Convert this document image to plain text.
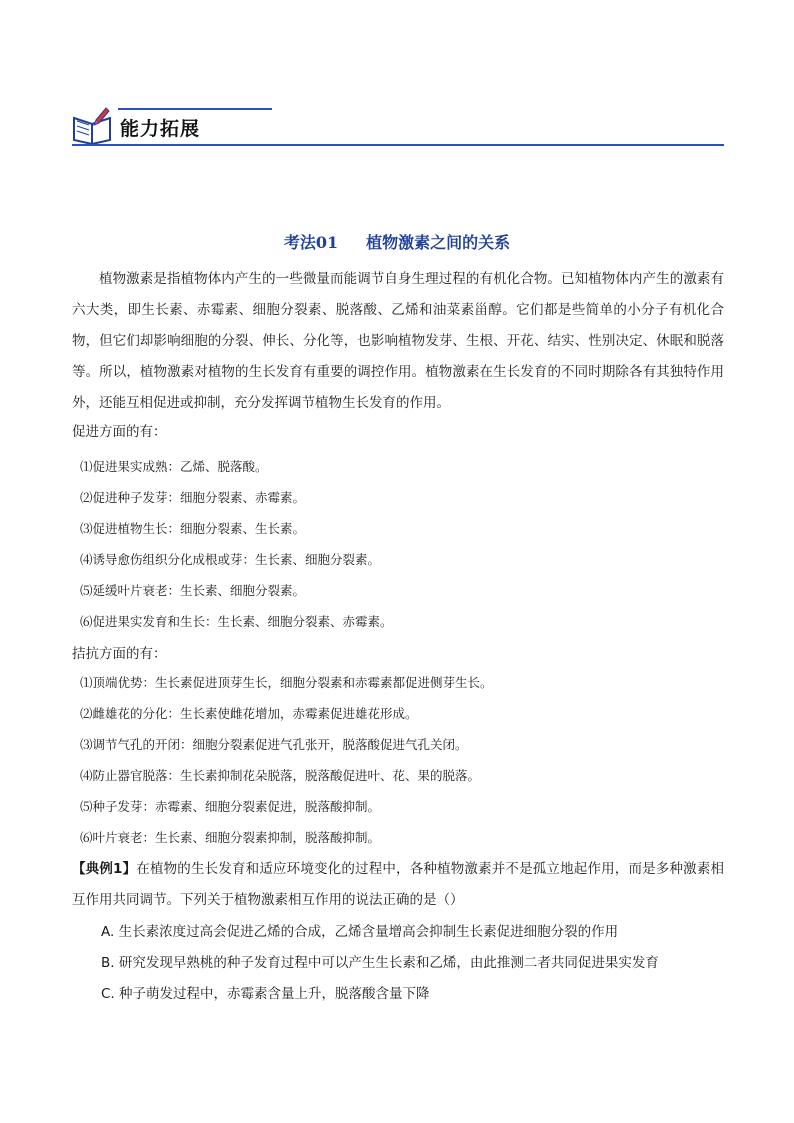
能力拓展
考法01 植物激素之间的关系
植物激素是指植物体内产生的一些微量而能调节自身生理过程的有机化合物。已知植物体内产生的激素有六大类，即生长素、赤霉素、细胞分裂素、脱落酸、乙烯和油菜素甾醇。它们都是些简单的小分子有机化合物，但它们却影响细胞的分裂、伸长、分化等，也影响植物发芽、生根、开花、结实、性别决定、休眠和脱落等。所以，植物激素对植物的生长发育有重要的调控作用。植物激素在生长发育的不同时期除各有其独特作用外，还能互相促进或抑制，充分发挥调节植物生长发育的作用。
促进方面的有：
⑴促进果实成熟：乙烯、脱落酸。
⑵促进种子发芽：细胞分裂素、赤霉素。
⑶促进植物生长：细胞分裂素、生长素。
⑷诱导愈伤组织分化成根或芽：生长素、细胞分裂素。
⑸延缓叶片衰老：生长素、细胞分裂素。
⑹促进果实发育和生长：生长素、细胞分裂素、赤霉素。
拮抗方面的有：
⑴顶端优势：生长素促进顶芽生长，细胞分裂素和赤霉素都促进侧芽生长。
⑵雌雄花的分化：生长素使雌花增加，赤霉素促进雄花形成。
⑶调节气孔的开闭：细胞分裂素促进气孔张开，脱落酸促进气孔关闭。
⑷防止器官脱落：生长素抑制花朵脱落，脱落酸促进叶、花、果的脱落。
⑸种子发芽：赤霉素、细胞分裂素促进，脱落酸抑制。
⑹叶片衰老：生长素、细胞分裂素抑制，脱落酸抑制。
【典例1】在植物的生长发育和适应环境变化的过程中，各种植物激素并不是孤立地起作用，而是多种激素相互作用共同调节。下列关于植物激素相互作用的说法正确的是（）
A. 生长素浓度过高会促进乙烯的合成，乙烯含量增高会抑制生长素促进细胞分裂的作用
B. 研究发现早熟桃的种子发育过程中可以产生生长素和乙烯，由此推测二者共同促进果实发育
C. 种子萌发过程中，赤霉素含量上升，脱落酸含量下降
